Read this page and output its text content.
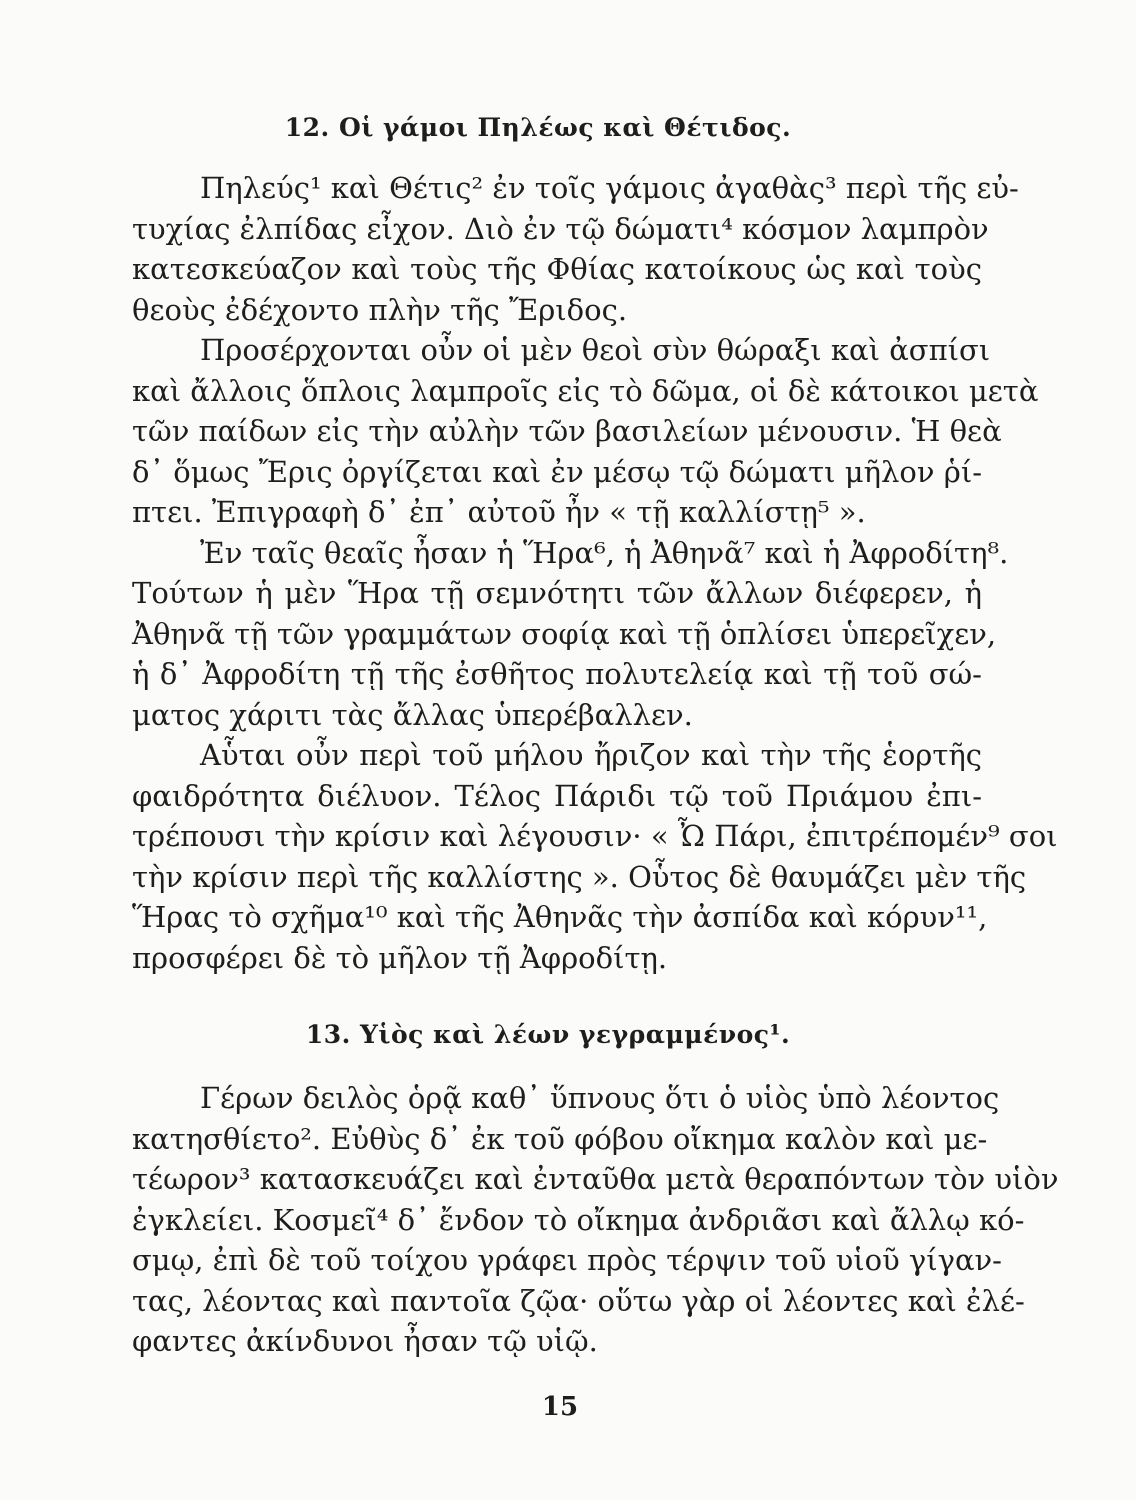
12. Οἱ γάμοι Πηλέως καὶ Θέτιδος.
Πηλεύς¹ καὶ Θέτις² ἐν τοῖς γάμοις ἀγαθὰς³ περὶ τῆς εὐ-
τυχίας ἐλπίδας εἶχον. Διὸ ἐν τῷ δώματι⁴ κόσμον λαμπρὸν
κατεσκεύαζον καὶ τοὺς τῆς Φθίας κατοίκους ὡς καὶ τοὺς
θεοὺς ἐδέχοντο πλὴν τῆς Ἔριδος.
Προσέρχονται οὖν οἱ μὲν θεοὶ σὺν θώραξι καὶ ἀσπίσι
καὶ ἄλλοις ὅπλοις λαμπροῖς εἰς τὸ δῶμα, οἱ δὲ κάτοικοι μετὰ
τῶν παίδων εἰς τὴν αὐλὴν τῶν βασιλείων μένουσιν. Ἡ θεὰ
δ᾽ ὅμως Ἔρις ὀργίζεται καὶ ἐν μέσῳ τῷ δώματι μῆλον ῥί-
πτει. Ἐπιγραφὴ δ᾽ ἐπ᾽ αὐτοῦ ἦν « τῇ καλλίστῃ⁵ ».
Ἐν ταῖς θεαῖς ἦσαν ἡ Ἥρα⁶, ἡ Ἀθηνᾶ⁷ καὶ ἡ Ἀφροδίτη⁸.
Τούτων ἡ μὲν Ἥρα τῇ σεμνότητι τῶν ἄλλων διέφερεν, ἡ
Ἀθηνᾶ τῇ τῶν γραμμάτων σοφίᾳ καὶ τῇ ὁπλίσει ὑπερεῖχεν,
ἡ δ᾽ Ἀφροδίτη τῇ τῆς ἐσθῆτος πολυτελείᾳ καὶ τῇ τοῦ σώ-
ματος χάριτι τὰς ἄλλας ὑπερέβαλλεν.
Αὗται οὖν περὶ τοῦ μήλου ἤριζον καὶ τὴν τῆς ἑορτῆς
φαιδρότητα διέλυον. Τέλος Πάριδι τῷ τοῦ Πριάμου ἐπι-
τρέπουσι τὴν κρίσιν καὶ λέγουσιν· « Ὦ Πάρι, ἐπιτρέπομέν⁹ σοι
τὴν κρίσιν περὶ τῆς καλλίστης ». Οὗτος δὲ θαυμάζει μὲν τῆς
Ἥρας τὸ σχῆμα¹⁰ καὶ τῆς Ἀθηνᾶς τὴν ἀσπίδα καὶ κόρυν¹¹,
προσφέρει δὲ τὸ μῆλον τῇ Ἀφροδίτῃ.
13. Υἱὸς καὶ λέων γεγραμμένος¹.
Γέρων δειλὸς ὁρᾷ καθ᾽ ὕπνους ὅτι ὁ υἱὸς ὑπὸ λέοντος
κατησθίετο². Εὐθὺς δ᾽ ἐκ τοῦ φόβου οἴκημα καλὸν καὶ με-
τέωρον³ κατασκευάζει καὶ ἐνταῦθα μετὰ θεραπόντων τὸν υἱὸν
ἐγκλείει. Κοσμεῖ⁴ δ᾽ ἔνδον τὸ οἴκημα ἀνδριᾶσι καὶ ἄλλῳ κό-
σμῳ, ἐπὶ δὲ τοῦ τοίχου γράφει πρὸς τέρψιν τοῦ υἱοῦ γίγαν-
τας, λέοντας καὶ παντοῖα ζῷα· οὕτω γὰρ οἱ λέοντες καὶ ἐλέ-
φαντες ἀκίνδυνοι ἦσαν τῷ υἱῷ.
15
